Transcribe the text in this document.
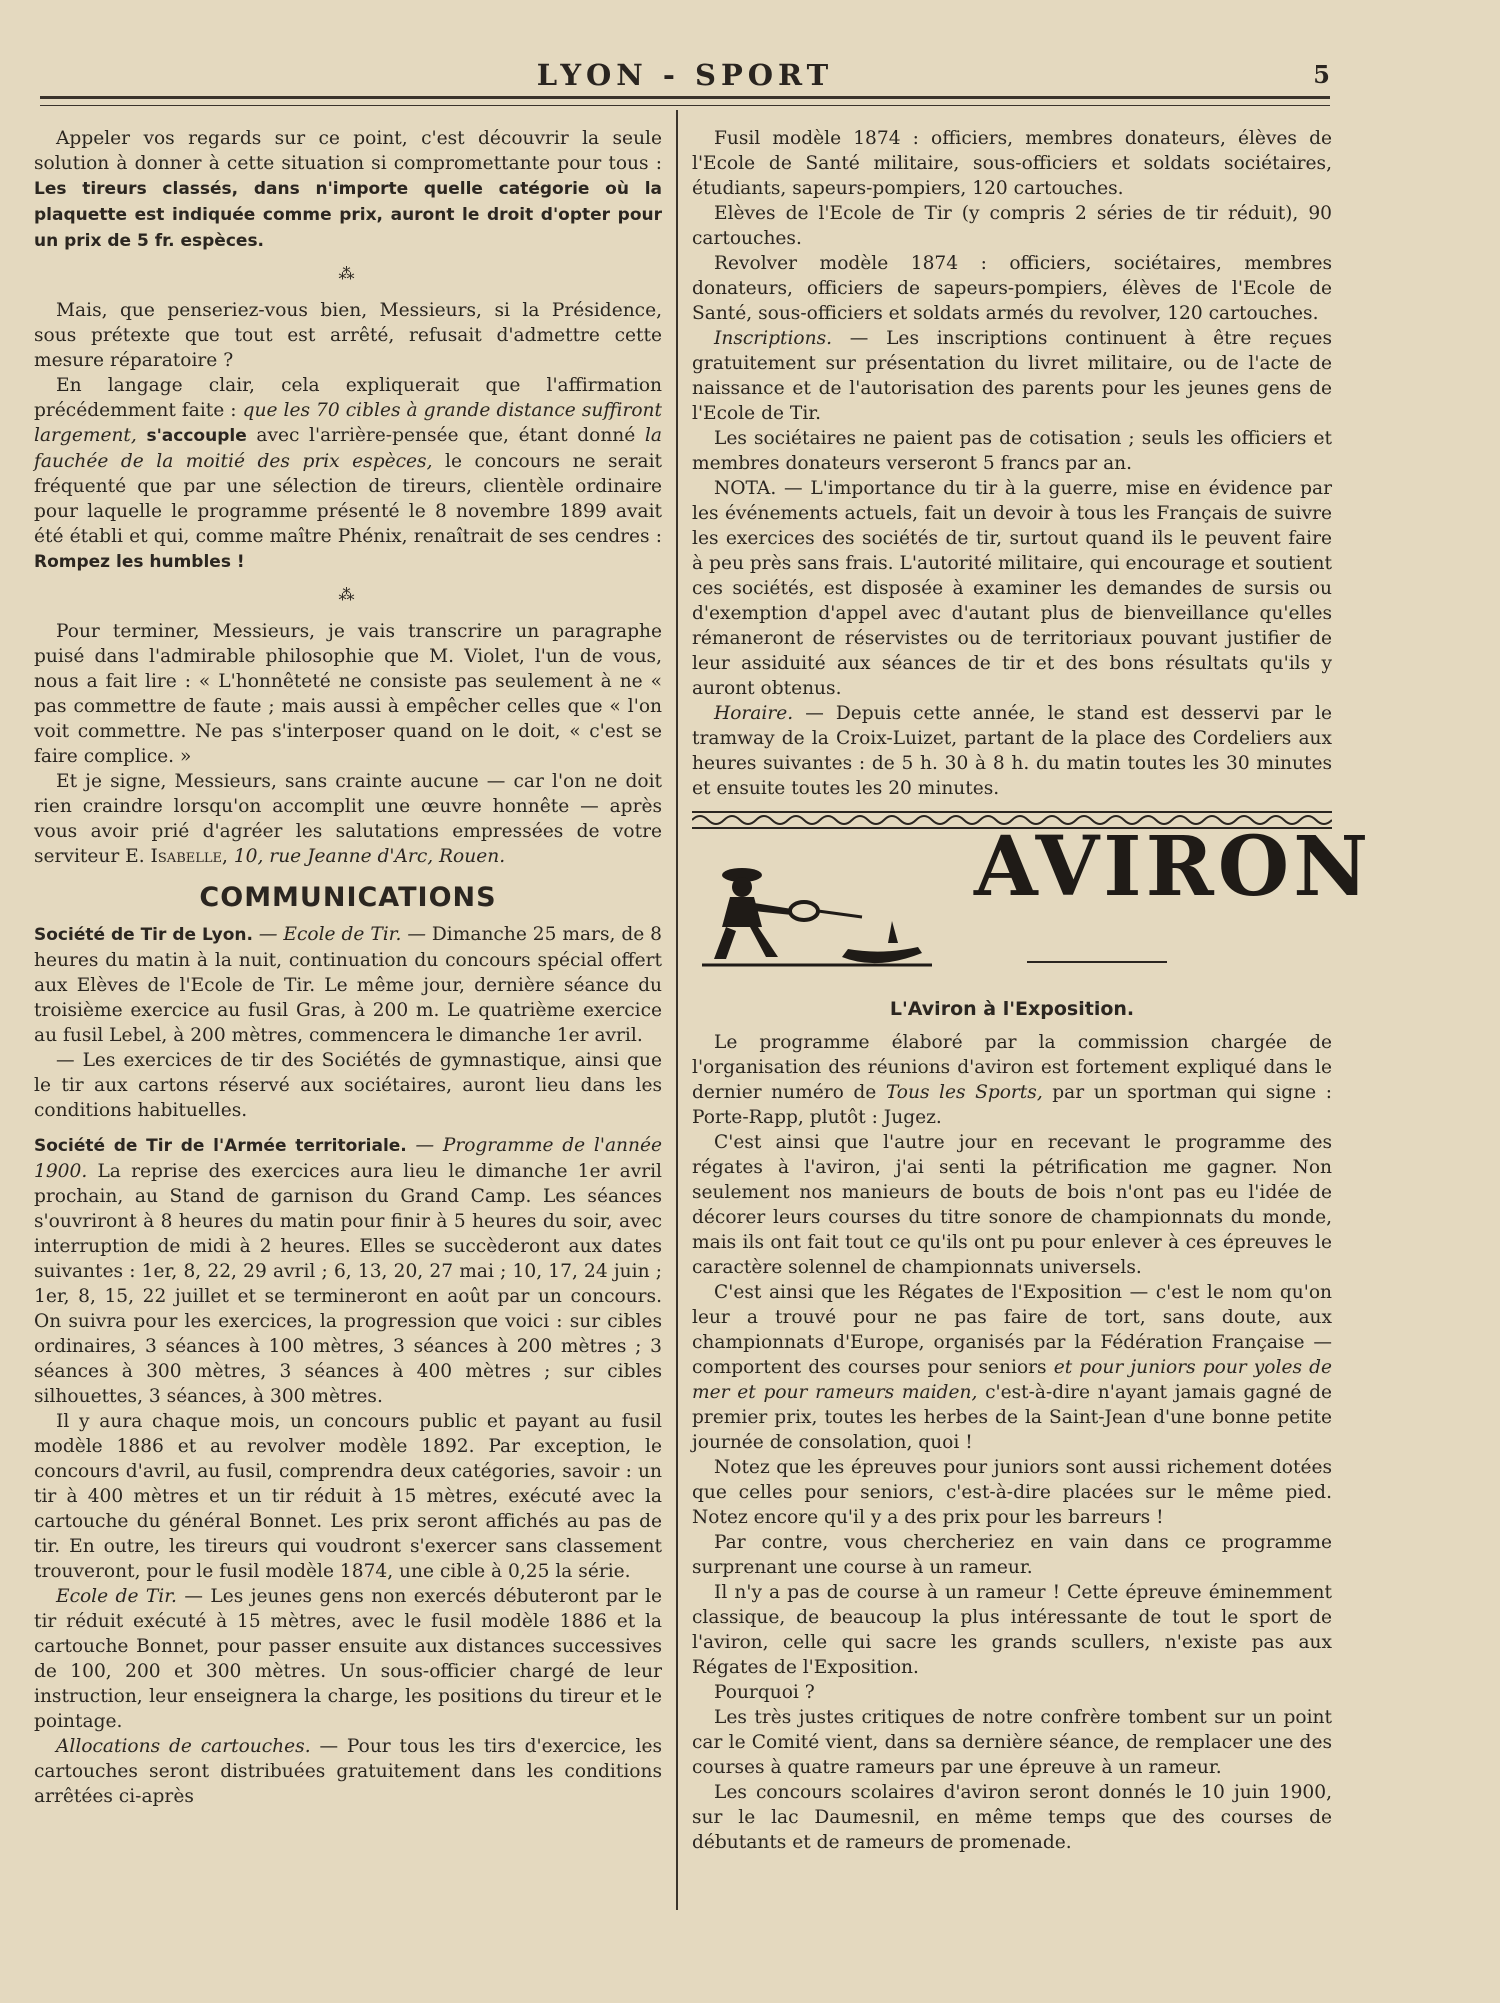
LYON - SPORT	5

Appeler vos regards sur ce point, c'est découvrir la seule solution à donner à cette situation si compromettante pour tous : Les tireurs classés, dans n'importe quelle catégorie où la plaquette est indiquée comme prix, auront le droit d'opter pour un prix de 5 fr. espèces.

⁂

Mais, que penseriez-vous bien, Messieurs, si la Présidence, sous prétexte que tout est arrêté, refusait d'admettre cette mesure réparatoire ?

En langage clair, cela expliquerait que l'affirmation précédemment faite : que les 70 cibles à grande distance suffiront largement, s'accouple avec l'arrière-pensée que, étant donné la fauchée de la moitié des prix espèces, le concours ne serait fréquenté que par une sélection de tireurs, clientèle ordinaire pour laquelle le programme présenté le 8 novembre 1899 avait été établi et qui, comme maître Phénix, renaîtrait de ses cendres : Rompez les humbles !

⁂

Pour terminer, Messieurs, je vais transcrire un paragraphe puisé dans l'admirable philosophie que M. Violet, l'un de vous, nous a fait lire : « L'honnêteté ne consiste pas seulement à ne « pas commettre de faute ; mais aussi à empêcher celles que « l'on voit commettre. Ne pas s'interposer quand on le doit, « c'est se faire complice. »

Et je signe, Messieurs, sans crainte aucune — car l'on ne doit rien craindre lorsqu'on accomplit une œuvre honnête — après vous avoir prié d'agréer les salutations empressées de votre serviteur E. Isabelle, 10, rue Jeanne d'Arc, Rouen.

COMMUNICATIONS

Société de Tir de Lyon. — Ecole de Tir. — Dimanche 25 mars, de 8 heures du matin à la nuit, continuation du concours spécial offert aux Elèves de l'Ecole de Tir. Le même jour, dernière séance du troisième exercice au fusil Gras, à 200 m. Le quatrième exercice au fusil Lebel, à 200 mètres, commencera le dimanche 1er avril.

— Les exercices de tir des Sociétés de gymnastique, ainsi que le tir aux cartons réservé aux sociétaires, auront lieu dans les conditions habituelles.

Société de Tir de l'Armée territoriale. — Programme de l'année 1900. La reprise des exercices aura lieu le dimanche 1er avril prochain, au Stand de garnison du Grand Camp. Les séances s'ouvriront à 8 heures du matin pour finir à 5 heures du soir, avec interruption de midi à 2 heures. Elles se succèderont aux dates suivantes : 1er, 8, 22, 29 avril ; 6, 13, 20, 27 mai ; 10, 17, 24 juin ; 1er, 8, 15, 22 juillet et se termineront en août par un concours. On suivra pour les exercices, la progression que voici : sur cibles ordinaires, 3 séances à 100 mètres, 3 séances à 200 mètres ; 3 séances à 300 mètres, 3 séances à 400 mètres ; sur cibles silhouettes, 3 séances, à 300 mètres.

Il y aura chaque mois, un concours public et payant au fusil modèle 1886 et au revolver modèle 1892. Par exception, le concours d'avril, au fusil, comprendra deux catégories, savoir : un tir à 400 mètres et un tir réduit à 15 mètres, exécuté avec la cartouche du général Bonnet. Les prix seront affichés au pas de tir. En outre, les tireurs qui voudront s'exercer sans classement trouveront, pour le fusil modèle 1874, une cible à 0,25 la série.

Ecole de Tir. — Les jeunes gens non exercés débuteront par le tir réduit exécuté à 15 mètres, avec le fusil modèle 1886 et la cartouche Bonnet, pour passer ensuite aux distances successives de 100, 200 et 300 mètres. Un sous-officier chargé de leur instruction, leur enseignera la charge, les positions du tireur et le pointage.

Allocations de cartouches. — Pour tous les tirs d'exercice, les cartouches seront distribuées gratuitement dans les conditions arrêtées ci-après

Fusil modèle 1874 : officiers, membres donateurs, élèves de l'Ecole de Santé militaire, sous-officiers et soldats sociétaires, étudiants, sapeurs-pompiers, 120 cartouches.

Elèves de l'Ecole de Tir (y compris 2 séries de tir réduit), 90 cartouches.

Revolver modèle 1874 : officiers, sociétaires, membres donateurs, officiers de sapeurs-pompiers, élèves de l'Ecole de Santé, sous-officiers et soldats armés du revolver, 120 cartouches.

Inscriptions. — Les inscriptions continuent à être reçues gratuitement sur présentation du livret militaire, ou de l'acte de naissance et de l'autorisation des parents pour les jeunes gens de l'Ecole de Tir.

Les sociétaires ne paient pas de cotisation ; seuls les officiers et membres donateurs verseront 5 francs par an.

NOTA. — L'importance du tir à la guerre, mise en évidence par les événements actuels, fait un devoir à tous les Français de suivre les exercices des sociétés de tir, surtout quand ils le peuvent faire à peu près sans frais. L'autorité militaire, qui encourage et soutient ces sociétés, est disposée à examiner les demandes de sursis ou d'exemption d'appel avec d'autant plus de bienveillance qu'elles rémaneront de réservistes ou de territoriaux pouvant justifier de leur assiduité aux séances de tir et des bons résultats qu'ils y auront obtenus.

Horaire. — Depuis cette année, le stand est desservi par le tramway de la Croix-Luizet, partant de la place des Cordeliers aux heures suivantes : de 5 h. 30 à 8 h. du matin toutes les 30 minutes et ensuite toutes les 20 minutes.

AVIRON
L'Aviron à l'Exposition.

Le programme élaboré par la commission chargée de l'organisation des réunions d'aviron est fortement expliqué dans le dernier numéro de Tous les Sports, par un sportman qui signe : Porte-Rapp, plutôt : Jugez.

C'est ainsi que l'autre jour en recevant le programme des régates à l'aviron, j'ai senti la pétrification me gagner. Non seulement nos manieurs de bouts de bois n'ont pas eu l'idée de décorer leurs courses du titre sonore de championnats du monde, mais ils ont fait tout ce qu'ils ont pu pour enlever à ces épreuves le caractère solennel de championnats universels.

C'est ainsi que les Régates de l'Exposition — c'est le nom qu'on leur a trouvé pour ne pas faire de tort, sans doute, aux championnats d'Europe, organisés par la Fédération Française — comportent des courses pour seniors et pour juniors pour yoles de mer et pour rameurs maiden, c'est-à-dire n'ayant jamais gagné de premier prix, toutes les herbes de la Saint-Jean d'une bonne petite journée de consolation, quoi !

Notez que les épreuves pour juniors sont aussi richement dotées que celles pour seniors, c'est-à-dire placées sur le même pied. Notez encore qu'il y a des prix pour les barreurs !

Par contre, vous chercheriez en vain dans ce programme surprenant une course à un rameur.

Il n'y a pas de course à un rameur ! Cette épreuve éminemment classique, de beaucoup la plus intéressante de tout le sport de l'aviron, celle qui sacre les grands scullers, n'existe pas aux Régates de l'Exposition.

Pourquoi ?

Les très justes critiques de notre confrère tombent sur un point car le Comité vient, dans sa dernière séance, de remplacer une des courses à quatre rameurs par une épreuve à un rameur.

Les concours scolaires d'aviron seront donnés le 10 juin 1900, sur le lac Daumesnil, en même temps que des courses de débutants et de rameurs de promenade.
